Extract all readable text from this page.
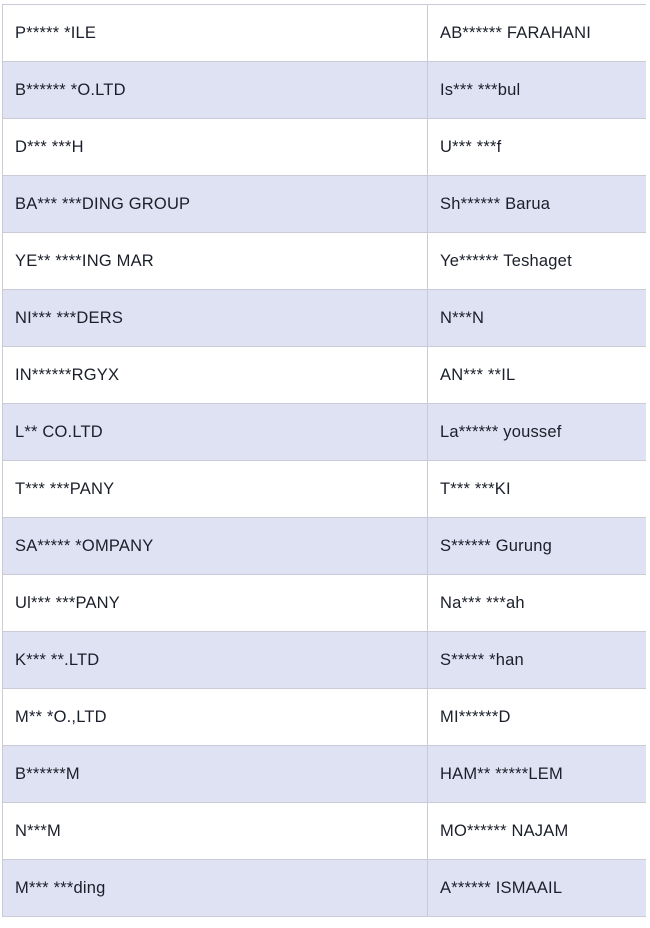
P***** *ILE	AB****** FARAHANI
B****** *O.LTD	Is*** ***bul
D*** ***H	U*** ***f
BA*** ***DING GROUP	Sh****** Barua
YE** ****ING MAR	Ye****** Teshaget
NI*** ***DERS	N***N
IN******RGYX	AN*** **IL
L** CO.LTD	La****** youssef
T*** ***PANY	T*** ***KI
SA***** *OMPANY	S****** Gurung
Ul*** ***PANY	Na*** ***ah
K*** **.LTD	S***** *han
M** *O.,LTD	MI******D
B******M	HAM** *****LEM
N***M	MO****** NAJAM
M*** ***ding	A****** ISMAAIL
